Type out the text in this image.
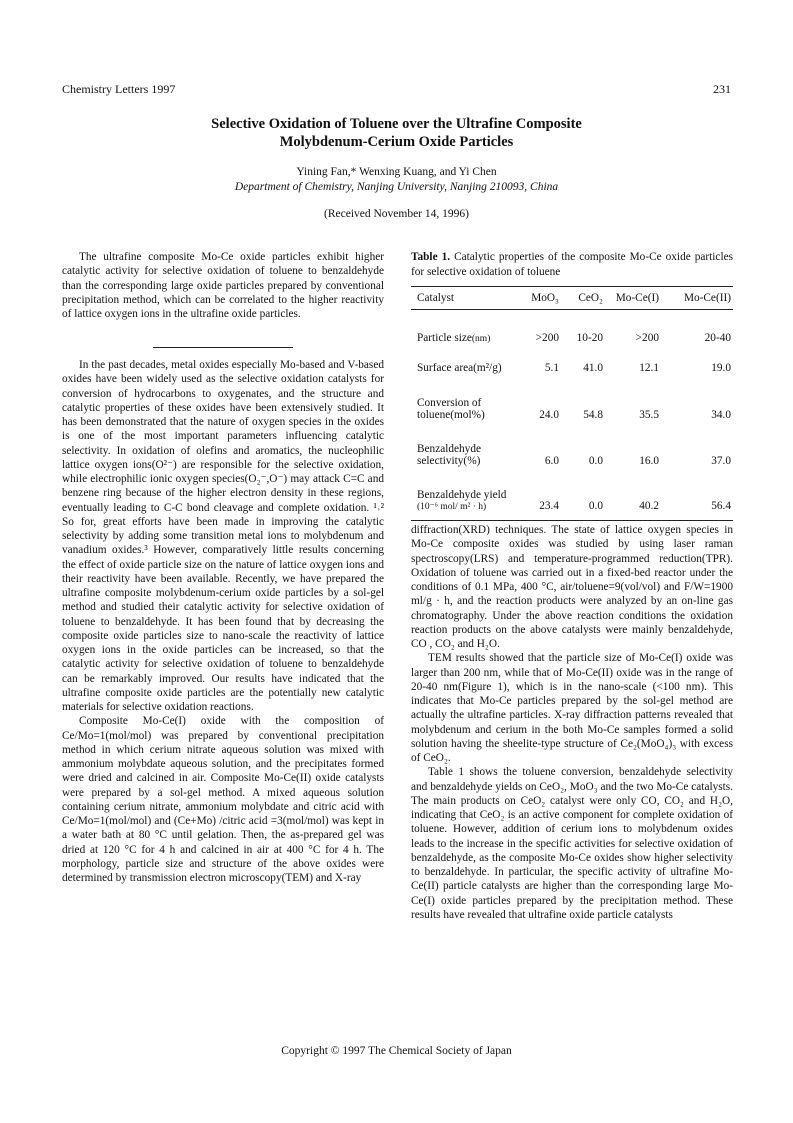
Chemistry Letters 1997	231
Selective Oxidation of Toluene over the Ultrafine Composite
Molybdenum-Cerium Oxide Particles
Yining Fan,* Wenxing Kuang, and Yi Chen
Department of Chemistry, Nanjing University, Nanjing 210093, China
(Received November 14, 1996)

The ultrafine composite Mo-Ce oxide particles exhibit higher catalytic activity for selective oxidation of toluene to benzaldehyde than the corresponding large oxide particles prepared by conventional precipitation method, which can be correlated to the higher reactivity of lattice oxygen ions in the ultrafine oxide particles.

In the past decades, metal oxides especially Mo-based and V-based oxides have been widely used as the selective oxidation catalysts for conversion of hydrocarbons to oxygenates, and the structure and catalytic properties of these oxides have been extensively studied. It has been demonstrated that the nature of oxygen species in the oxides is one of the most important parameters influencing catalytic selectivity. In oxidation of olefins and aromatics, the nucleophilic lattice oxygen ions(O²⁻) are responsible for the selective oxidation, while electrophilic ionic oxygen species(O₂⁻,O⁻) may attack C=C and benzene ring because of the higher electron density in these regions, eventually leading to C-C bond cleavage and complete oxidation. ¹˒² So for, great efforts have been made in improving the catalytic selectivity by adding some transition metal ions to molybdenum and vanadium oxides.³ However, comparatively little results concerning the effect of oxide particle size on the nature of lattice oxygen ions and their reactivity have been available. Recently, we have prepared the ultrafine composite molybdenum-cerium oxide particles by a sol-gel method and studied their catalytic activity for selective oxidation of toluene to benzaldehyde. It has been found that by decreasing the composite oxide particles size to nano-scale the reactivity of lattice oxygen ions in the oxide particles can be increased, so that the catalytic activity for selective oxidation of toluene to benzaldehyde can be remarkably improved. Our results have indicated that the ultrafine composite oxide particles are the potentially new catalytic materials for selective oxidation reactions.

Composite Mo-Ce(I) oxide with the composition of Ce/Mo=1(mol/mol) was prepared by conventional precipitation method in which cerium nitrate aqueous solution was mixed with ammonium molybdate aqueous solution, and the precipitates formed were dried and calcined in air. Composite Mo-Ce(II) oxide catalysts were prepared by a sol-gel method. A mixed aqueous solution containing cerium nitrate, ammonium molybdate and citric acid with Ce/Mo=1(mol/mol) and (Ce+Mo) /citric acid =3(mol/mol) was kept in a water bath at 80 °C until gelation. Then, the as-prepared gel was dried at 120 °C for 4 h and calcined in air at 400 °C for 4 h. The morphology, particle size and structure of the above oxides were determined by transmission electron microscopy(TEM) and X-ray

Table 1. Catalytic properties of the composite Mo-Ce oxide particles for selective oxidation of toluene
Catalyst	MoO₃	CeO₂	Mo-Ce(I)	Mo-Ce(II)
Particle size(nm)	>200	10-20	>200	20-40
Surface area(m²/g)	5.1	41.0	12.1	19.0
Conversion of
toluene(mol%)	24.0	54.8	35.5	34.0
Benzaldehyde
selectivity(%)	6.0	0.0	16.0	37.0
Benzaldehyde yield
(10⁻⁶ mol/ m² · h)	23.4	0.0	40.2	56.4

diffraction(XRD) techniques. The state of lattice oxygen species in Mo-Ce composite oxides was studied by using laser raman spectroscopy(LRS) and temperature-programmed reduction(TPR). Oxidation of toluene was carried out in a fixed-bed reactor under the conditions of 0.1 MPa, 400 °C, air/toluene=9(vol/vol) and F/W=1900 ml/g · h, and the reaction products were analyzed by an on-line gas chromatography. Under the above reaction conditions the oxidation reaction products on the above catalysts were mainly benzaldehyde, CO , CO₂ and H₂O.

TEM results showed that the particle size of Mo-Ce(I) oxide was larger than 200 nm, while that of Mo-Ce(II) oxide was in the range of 20-40 nm(Figure 1), which is in the nano-scale (<100 nm). This indicates that Mo-Ce particles prepared by the sol-gel method are actually the ultrafine particles. X-ray diffraction patterns revealed that molybdenum and cerium in the both Mo-Ce samples formed a solid solution having the sheelite-type structure of Ce₂(MoO₄)₃ with excess of CeO₂.

Table 1 shows the toluene conversion, benzaldehyde selectivity and benzaldehyde yields on CeO₂, MoO₃ and the two Mo-Ce catalysts. The main products on CeO₂ catalyst were only CO, CO₂ and H₂O, indicating that CeO₂ is an active component for complete oxidation of toluene. However, addition of cerium ions to molybdenum oxides leads to the increase in the specific activities for selective oxidation of benzaldehyde, as the composite Mo-Ce oxides show higher selectivity to benzaldehyde. In particular, the specific activity of ultrafine Mo-Ce(II) particle catalysts are higher than the corresponding large Mo-Ce(I) oxide particles prepared by the precipitation method. These results have revealed that ultrafine oxide particle catalysts

Copyright © 1997 The Chemical Society of Japan
